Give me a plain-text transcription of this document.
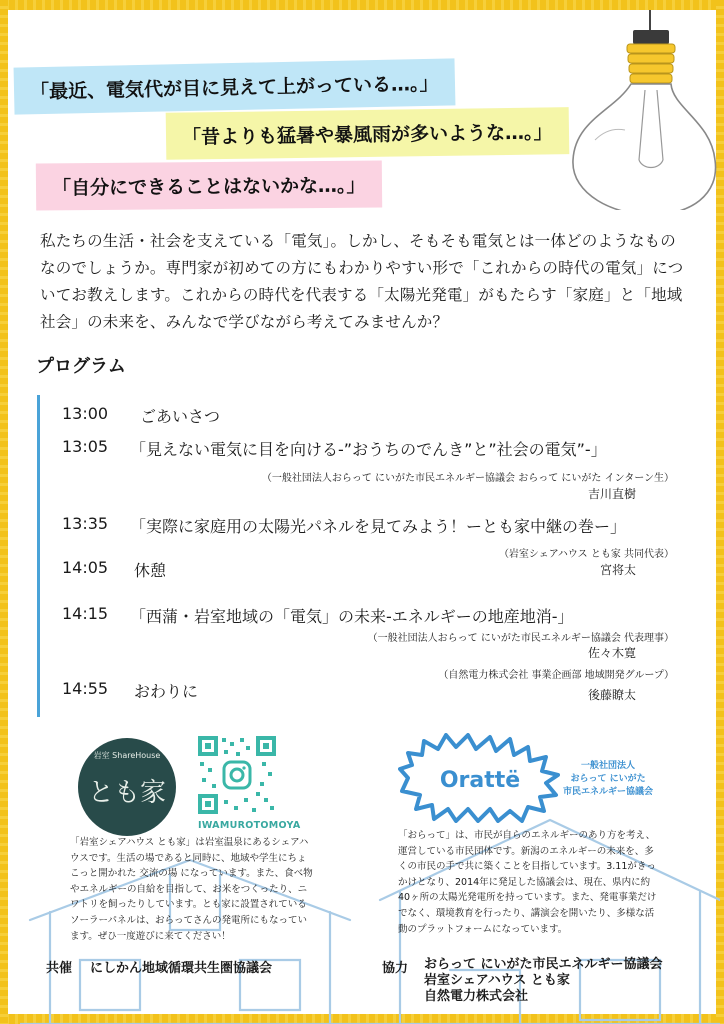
「最近、電気代が目に見えて上がっている…。」
「昔よりも猛暑や暴風雨が多いような…。」
「自分にできることはないかな…。」
私たちの生活・社会を支えている「電気」。しかし、そもそも電気とは一体どのようなものなのでしょうか。専門家が初めての方にもわかりやすい形で「これからの時代の電気」についてお教えします。これからの時代を代表する「太陽光発電」がもたらす「家庭」と「地域社会」の未来を、みんなで学びながら考えてみませんか？
プログラム
13:00 ごあいさつ
13:05 「見えない電気に目を向ける-”おうちのでんき”と”社会の電気”-」
（一般社団法人おらって にいがた市民エネルギー協議会 おらって にいがた インターン生）
吉川直樹
13:35 「実際に家庭用の太陽光パネルを見てみよう！ーとも家中継の巻ー」
（岩室シェアハウス とも家 共同代表）
宮将太
14:05 休憩
14:15 「西蒲・岩室地域の「電気」の未来-エネルギーの地産地消-」
（一般社団法人おらって にいがた市民エネルギー協議会 代表理事）
佐々木寛
（自然電力株式会社 事業企画部 地域開発グループ）
14:55 おわりに	後藤瞭太
岩室 ShareHouse
とも家
IWAMUROTOMOYA
Orattë
一般社団法人
おらって にいがた
市民エネルギー協議会
「岩室シェアハウス とも家」は岩室温泉にあるシェアハウスです。生活の場であると同時に、地域や学生にちょこっと開かれた 交流の場 になっています。また、食べ物やエネルギーの自給を目指して、お米をつくったり、ニワトリを飼ったりしています。とも家に設置されているソーラーパネルは、おらってさんの発電所にもなっています。ぜひ一度遊びに来てください！
「おらって」は、市民が自らのエネルギーのあり方を考え、運営している市民団体です。新潟のエネルギーの未来を、多くの市民の手で共に築くことを目指しています。3.11がきっかけとなり、2014年に発足した協議会は、現在、県内に約40ヶ所の太陽光発電所を持っています。また、発電事業だけでなく、環境教育を行ったり、講演会を開いたり、多様な活動のプラットフォームになっています。
共催 にしかん地域循環共生圏協議会	協力 おらって にいがた市民エネルギー協議会
岩室シェアハウス とも家
自然電力株式会社
